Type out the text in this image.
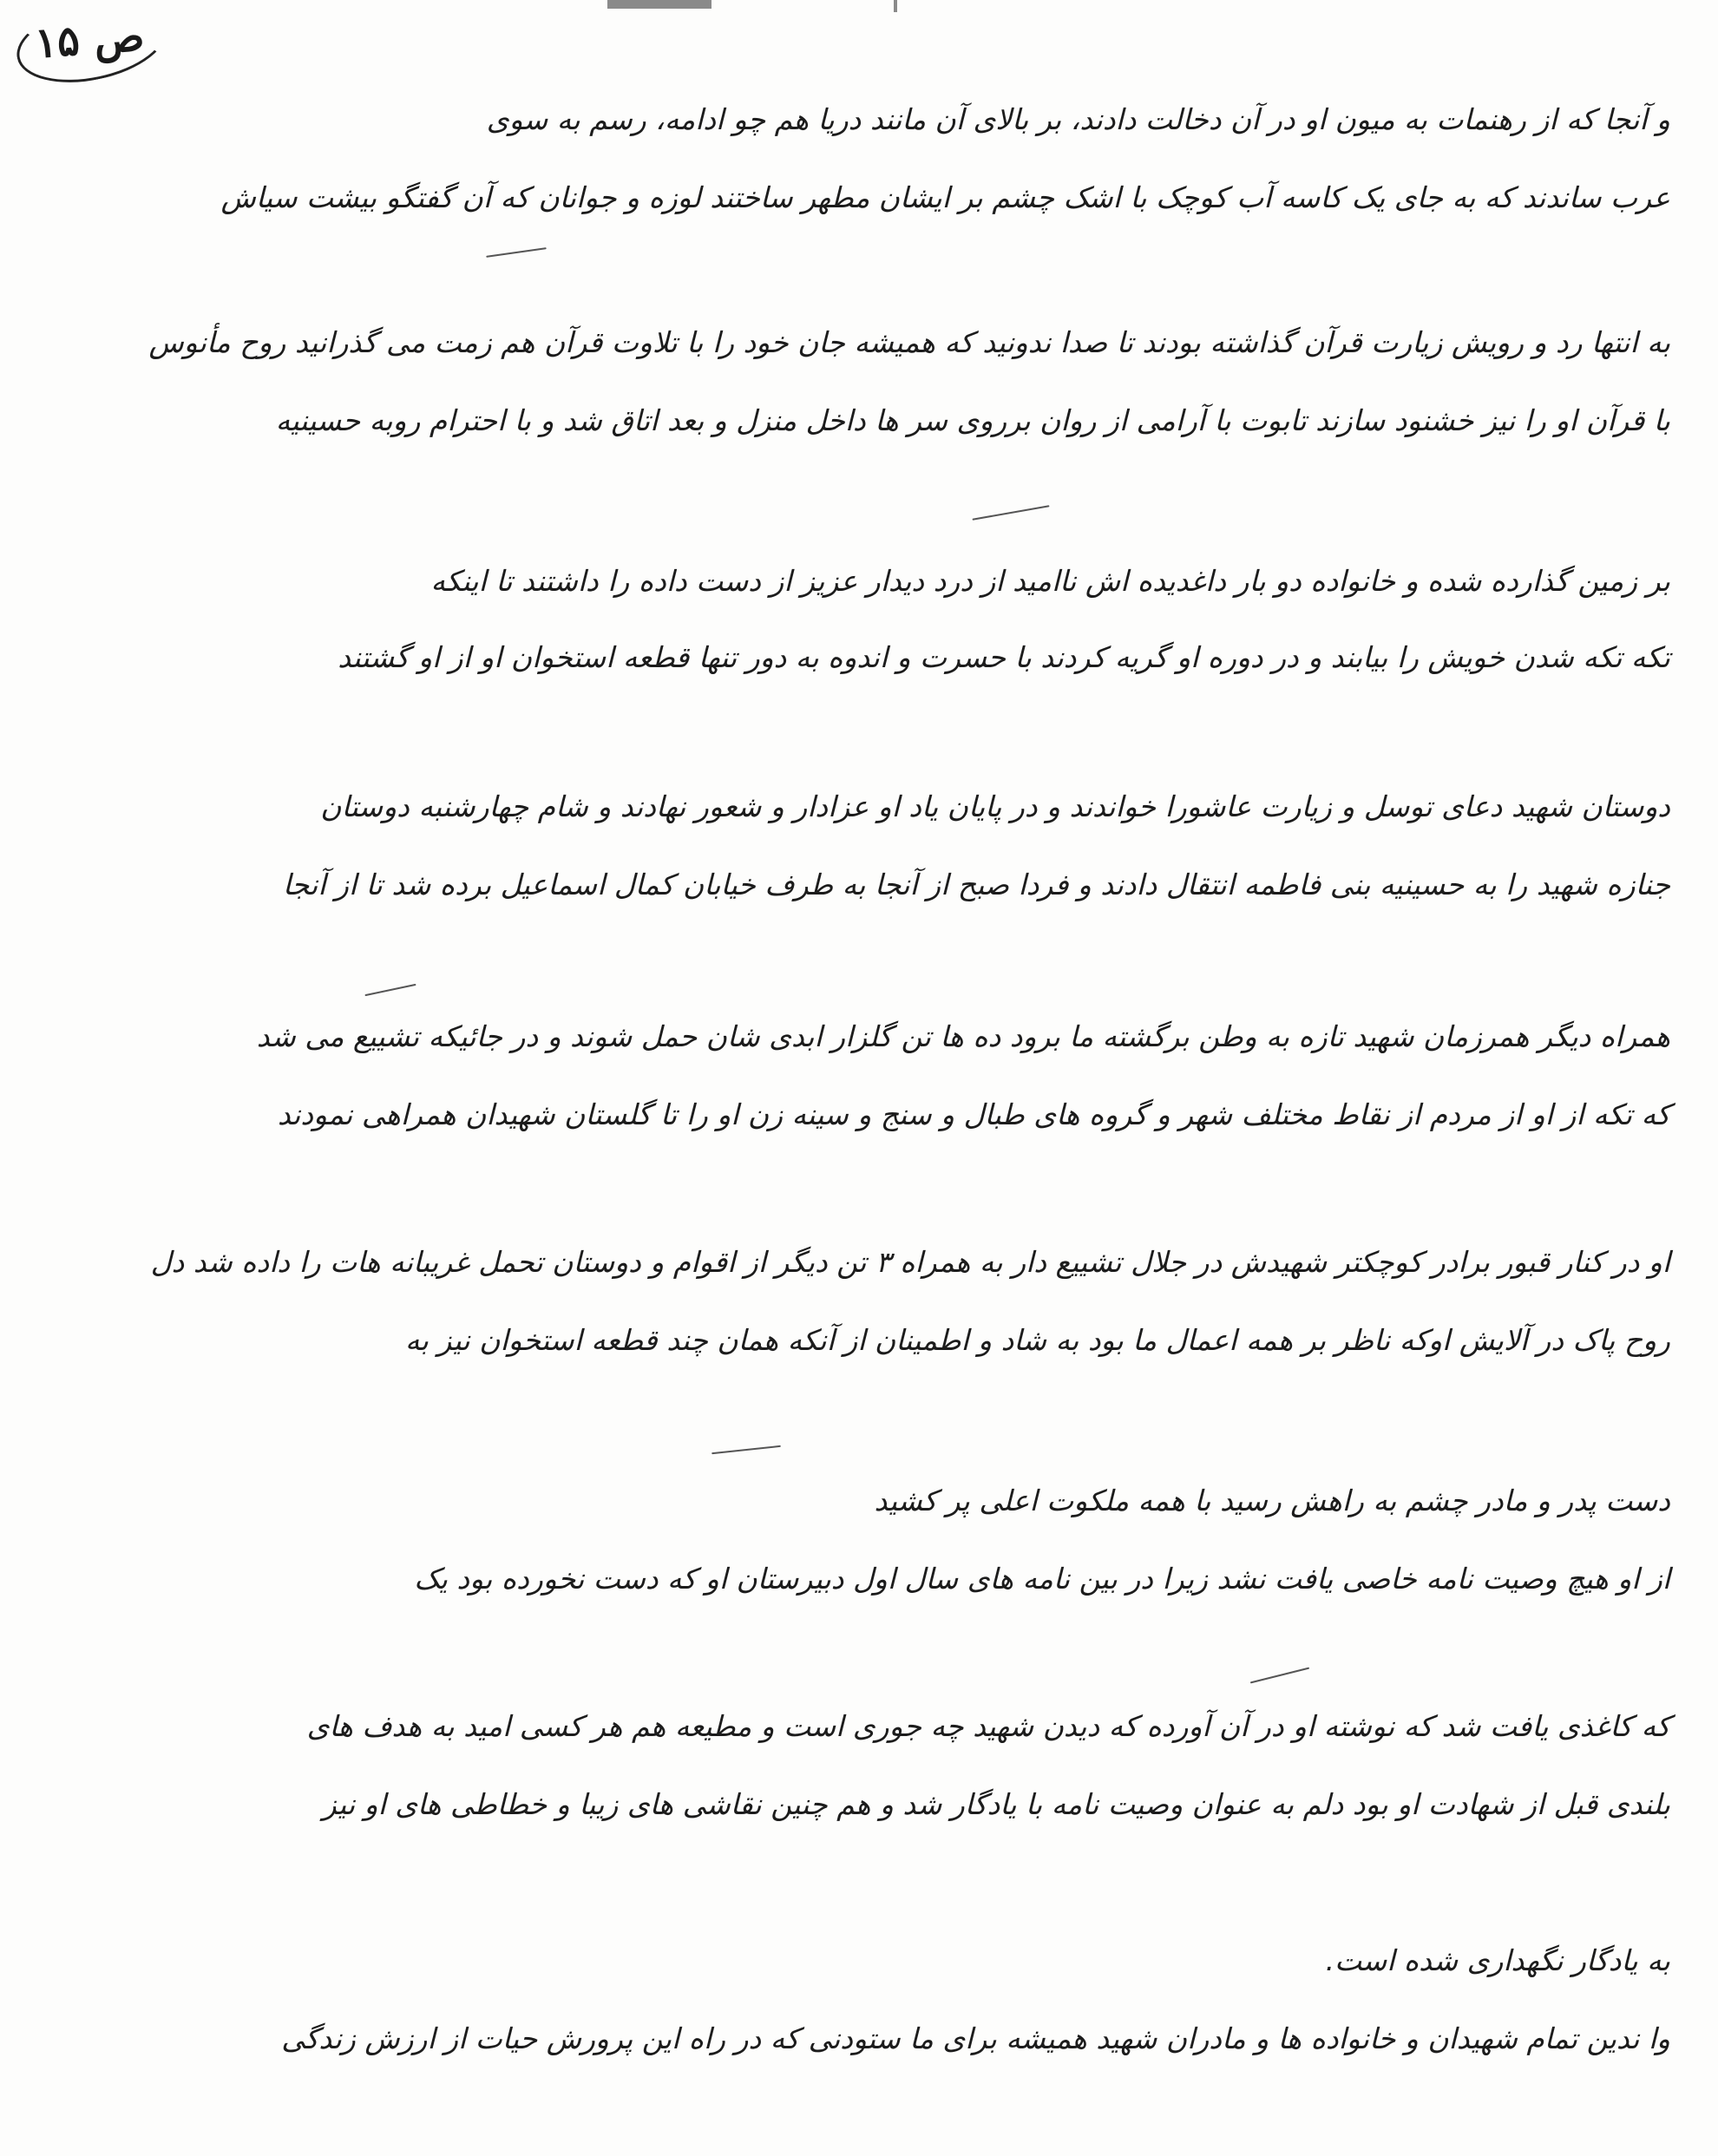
ص ۱۵
و آنجا که از رهنمات به میون او در آن دخالت دادند، بر بالای آن مانند دریا هم چو ادامه، رسم به سوی
عرب ساندند که به جای یک کاسه آب کوچک با اشک چشم بر ایشان مطهر ساختند لوزه و جوانان که آن گفتگو بیشت سیاش
به انتها رد و رویش زیارت قرآن گذاشته بودند تا صدا ندونید که همیشه جان خود را با تلاوت قرآن هم زمت می گذرانید روح مأنوس
با قرآن او را نیز خشنود سازند تابوت با آرامی از روان برروی سر ها داخل منزل و بعد اتاق شد و با احترام روبه حسینیه
بر زمین گذارده شده و خانواده دو بار داغدیده اش ناامید از درد دیدار عزیز از دست داده را داشتند تا اینکه
تکه تکه شدن خویش را بیابند و در دوره او گریه کردند با حسرت و اندوه به دور تنها قطعه استخوان او از او گشتند
دوستان شهید دعای توسل و زیارت عاشورا خواندند و در پایان یاد او عزادار و شعور نهادند و شام چهارشنبه دوستان
جنازه شهید را به حسینیه بنی فاطمه انتقال دادند و فردا صبح از آنجا به طرف خیابان کمال اسماعیل برده شد تا از آنجا
همراه دیگر همرزمان شهید تازه به وطن برگشته ما برود ده ها تن گلزار ابدی شان حمل شوند و در جائیکه تشییع می شد
که تکه از او از مردم از نقاط مختلف شهر و گروه های طبال و سنج و سینه زن او را تا گلستان شهیدان همراهی نمودند
او در کنار قبور برادر کوچکتر شهیدش در جلال تشییع دار به همراه ۳ تن دیگر از اقوام و دوستان تحمل غریبانه هات را داده شد دل
روح پاک در آلایش اوکه ناظر بر همه اعمال ما بود به شاد و اطمینان از آنکه همان چند قطعه استخوان نیز به
دست پدر و مادر چشم به راهش رسید با همه ملکوت اعلی پر کشید
از او هیچ وصیت نامه خاصی یافت نشد زیرا در بین نامه های سال اول دبیرستان او که دست نخورده بود یک
که کاغذی یافت شد که نوشته او در آن آورده که دیدن شهید چه جوری است و مطیعه هم هر کسی امید به هدف های
بلندی قبل از شهادت او بود دلم به عنوان وصیت نامه با یادگار شد و هم چنین نقاشی های زیبا و خطاطی های او نیز
به یادگار نگهداری شده است.
وا ندین تمام شهیدان و خانواده ها و مادران شهید همیشه برای ما ستودنی که در راه این پرورش حیات از ارزش زندگی
